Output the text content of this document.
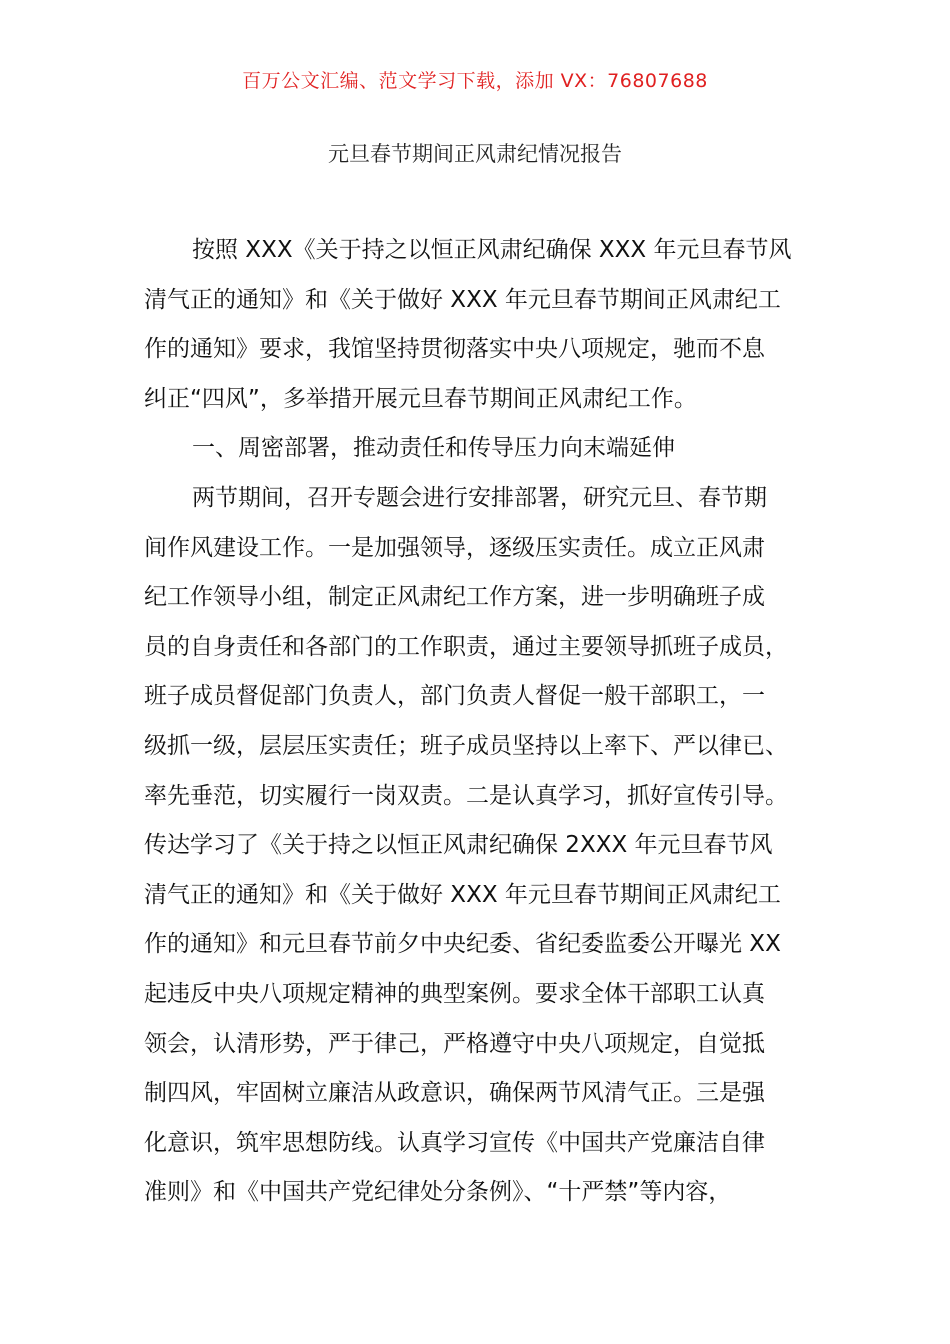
百万公文汇编、范文学习下载，添加 VX：76807688
元旦春节期间正风肃纪情况报告
按照 XXX《关于持之以恒正风肃纪确保 XXX 年元旦春节风
清气正的通知》和《关于做好 XXX 年元旦春节期间正风肃纪工
作的通知》要求，我馆坚持贯彻落实中央八项规定，驰而不息
纠正“四风”，多举措开展元旦春节期间正风肃纪工作。
一、周密部署，推动责任和传导压力向末端延伸
两节期间，召开专题会进行安排部署，研究元旦、春节期
间作风建设工作。一是加强领导，逐级压实责任。成立正风肃
纪工作领导小组，制定正风肃纪工作方案，进一步明确班子成
员的自身责任和各部门的工作职责，通过主要领导抓班子成员，
班子成员督促部门负责人，部门负责人督促一般干部职工，一
级抓一级，层层压实责任；班子成员坚持以上率下、严以律已、
率先垂范，切实履行一岗双责。二是认真学习，抓好宣传引导。
传达学习了《关于持之以恒正风肃纪确保 2XXX 年元旦春节风
清气正的通知》和《关于做好 XXX 年元旦春节期间正风肃纪工
作的通知》和元旦春节前夕中央纪委、省纪委监委公开曝光 XX
起违反中央八项规定精神的典型案例。要求全体干部职工认真
领会，认清形势，严于律己，严格遵守中央八项规定，自觉抵
制四风，牢固树立廉洁从政意识，确保两节风清气正。三是强
化意识，筑牢思想防线。认真学习宣传《中国共产党廉洁自律
准则》和《中国共产党纪律处分条例》、“十严禁”等内容，
